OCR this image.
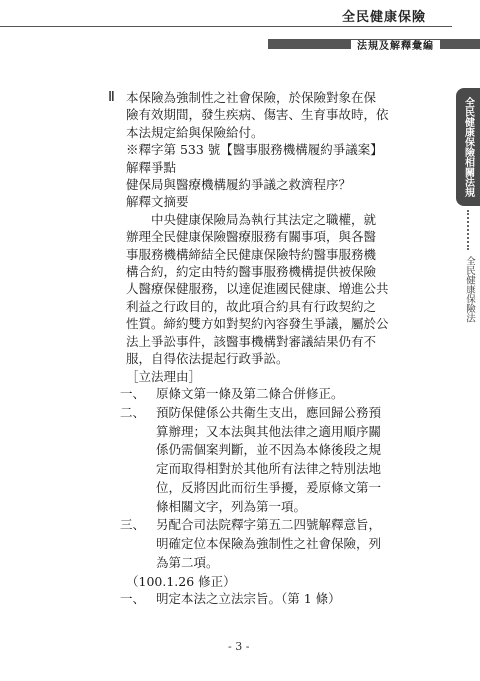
全民健康保險
法規及解釋彙編
全民健康保險相關法規
全民健康保險法
Ⅱ 本保險為強制性之社會保險，於保險對象在保
險有效期間，發生疾病、傷害、生育事故時，依
本法規定給與保險給付。
※釋字第 533 號【醫事服務機構履約爭議案】
解釋爭點
健保局與醫療機構履約爭議之救濟程序？
解釋文摘要
中央健康保險局為執行其法定之職權，就
辦理全民健康保險醫療服務有關事項，與各醫
事服務機構締結全民健康保險特約醫事服務機
構合約，約定由特約醫事服務機構提供被保險
人醫療保健服務，以達促進國民健康、增進公共
利益之行政目的，故此項合約具有行政契約之
性質。締約雙方如對契約內容發生爭議，屬於公
法上爭訟事件，該醫事機構對審議結果仍有不
服，自得依法提起行政爭訟。
［立法理由］
一、 原條文第一條及第二條合併修正。
二、 預防保健係公共衛生支出，應回歸公務預
算辦理；又本法與其他法律之適用順序關
係仍需個案判斷，並不因為本條後段之規
定而取得相對於其他所有法律之特別法地
位，反將因此而衍生爭擾，爰原條文第一
條相關文字，列為第一項。
三、 另配合司法院釋字第五二四號解釋意旨，
明確定位本保險為強制性之社會保險，列
為第二項。
（100.1.26 修正）
一、 明定本法之立法宗旨。（第 1 條）
- 3 -
